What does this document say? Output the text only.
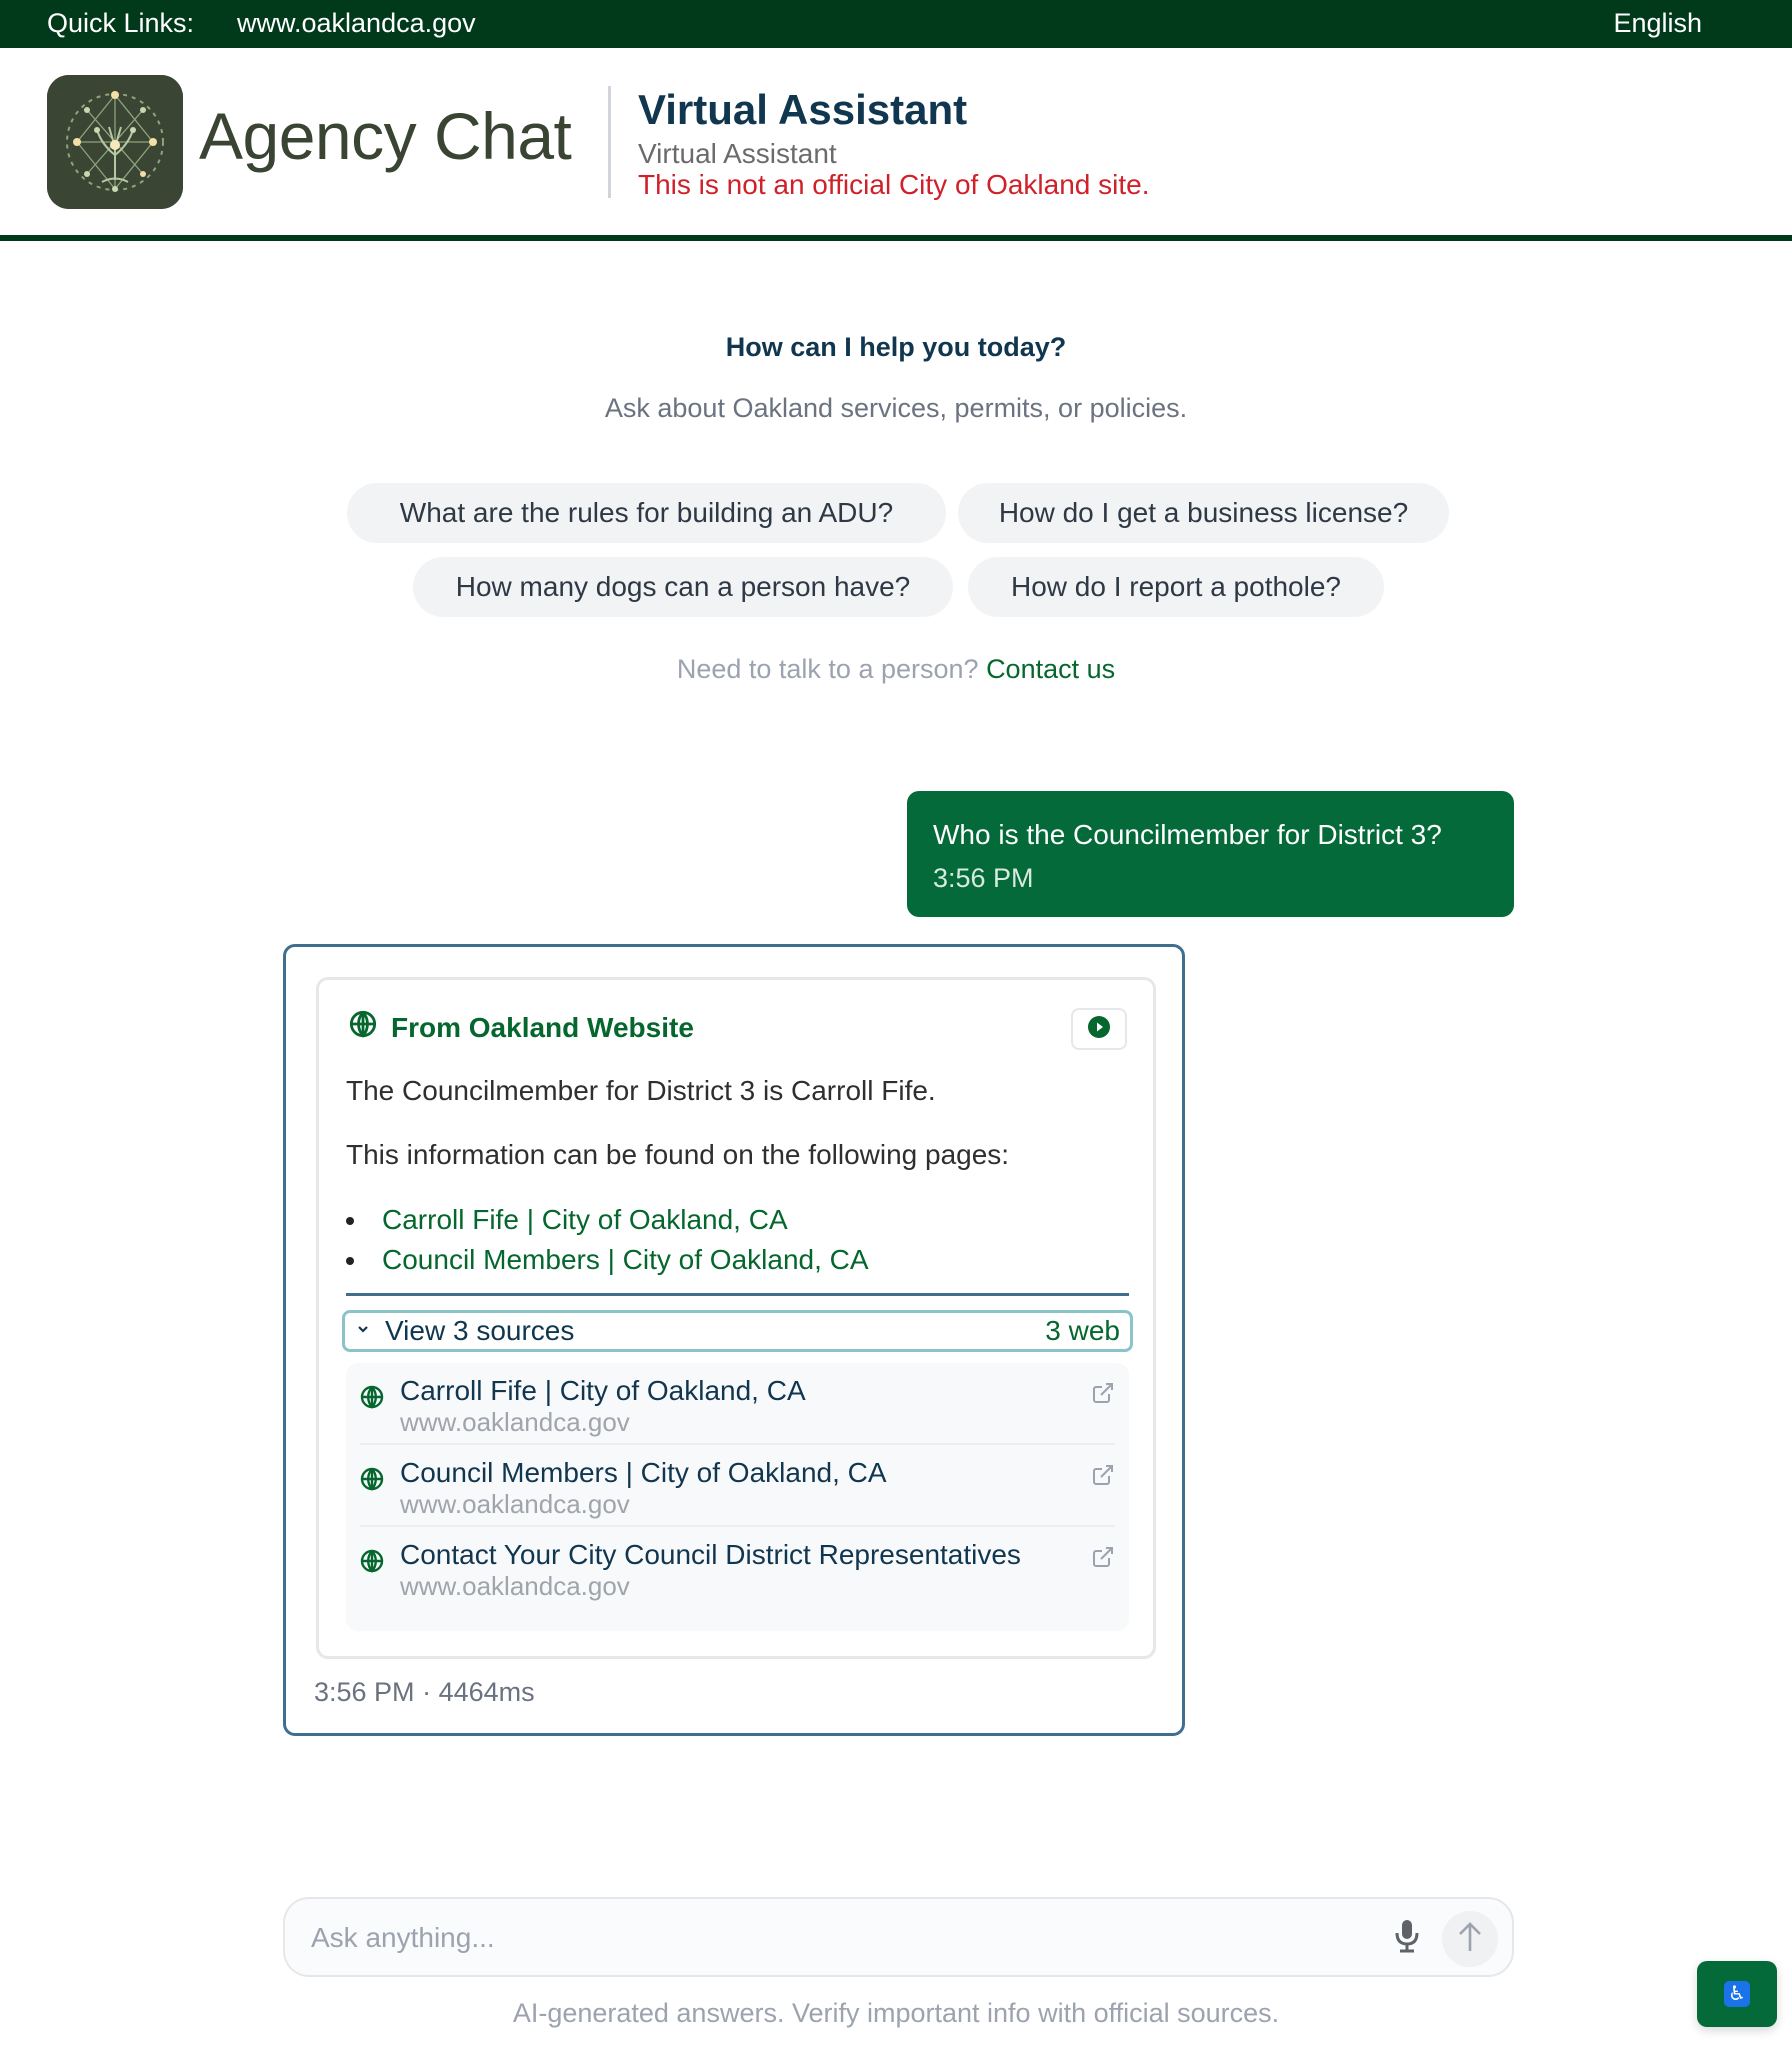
Quick Links: www.oaklandca.gov	English
Agency Chat Virtual Assistant
Virtual Assistant
This is not an official City of Oakland site.
How can I help you today?
Ask about Oakland services, permits, or policies.
What are the rules for building an ADU?	How do I get a business license?
How many dogs can a person have?	How do I report a pothole?
Need to talk to a person? Contact us
Who is the Councilmember for District 3?
3:56 PM
From Oakland Website
The Councilmember for District 3 is Carroll Fife.
This information can be found on the following pages:
Carroll Fife | City of Oakland, CA
Council Members | City of Oakland, CA
View 3 sources	3 web
Carroll Fife | City of Oakland, CA
www.oaklandca.gov
Council Members | City of Oakland, CA
www.oaklandca.gov
Contact Your City Council District Representatives
www.oaklandca.gov
3:56 PM · 4464ms
Ask anything...
AI-generated answers. Verify important info with official sources.
♿
